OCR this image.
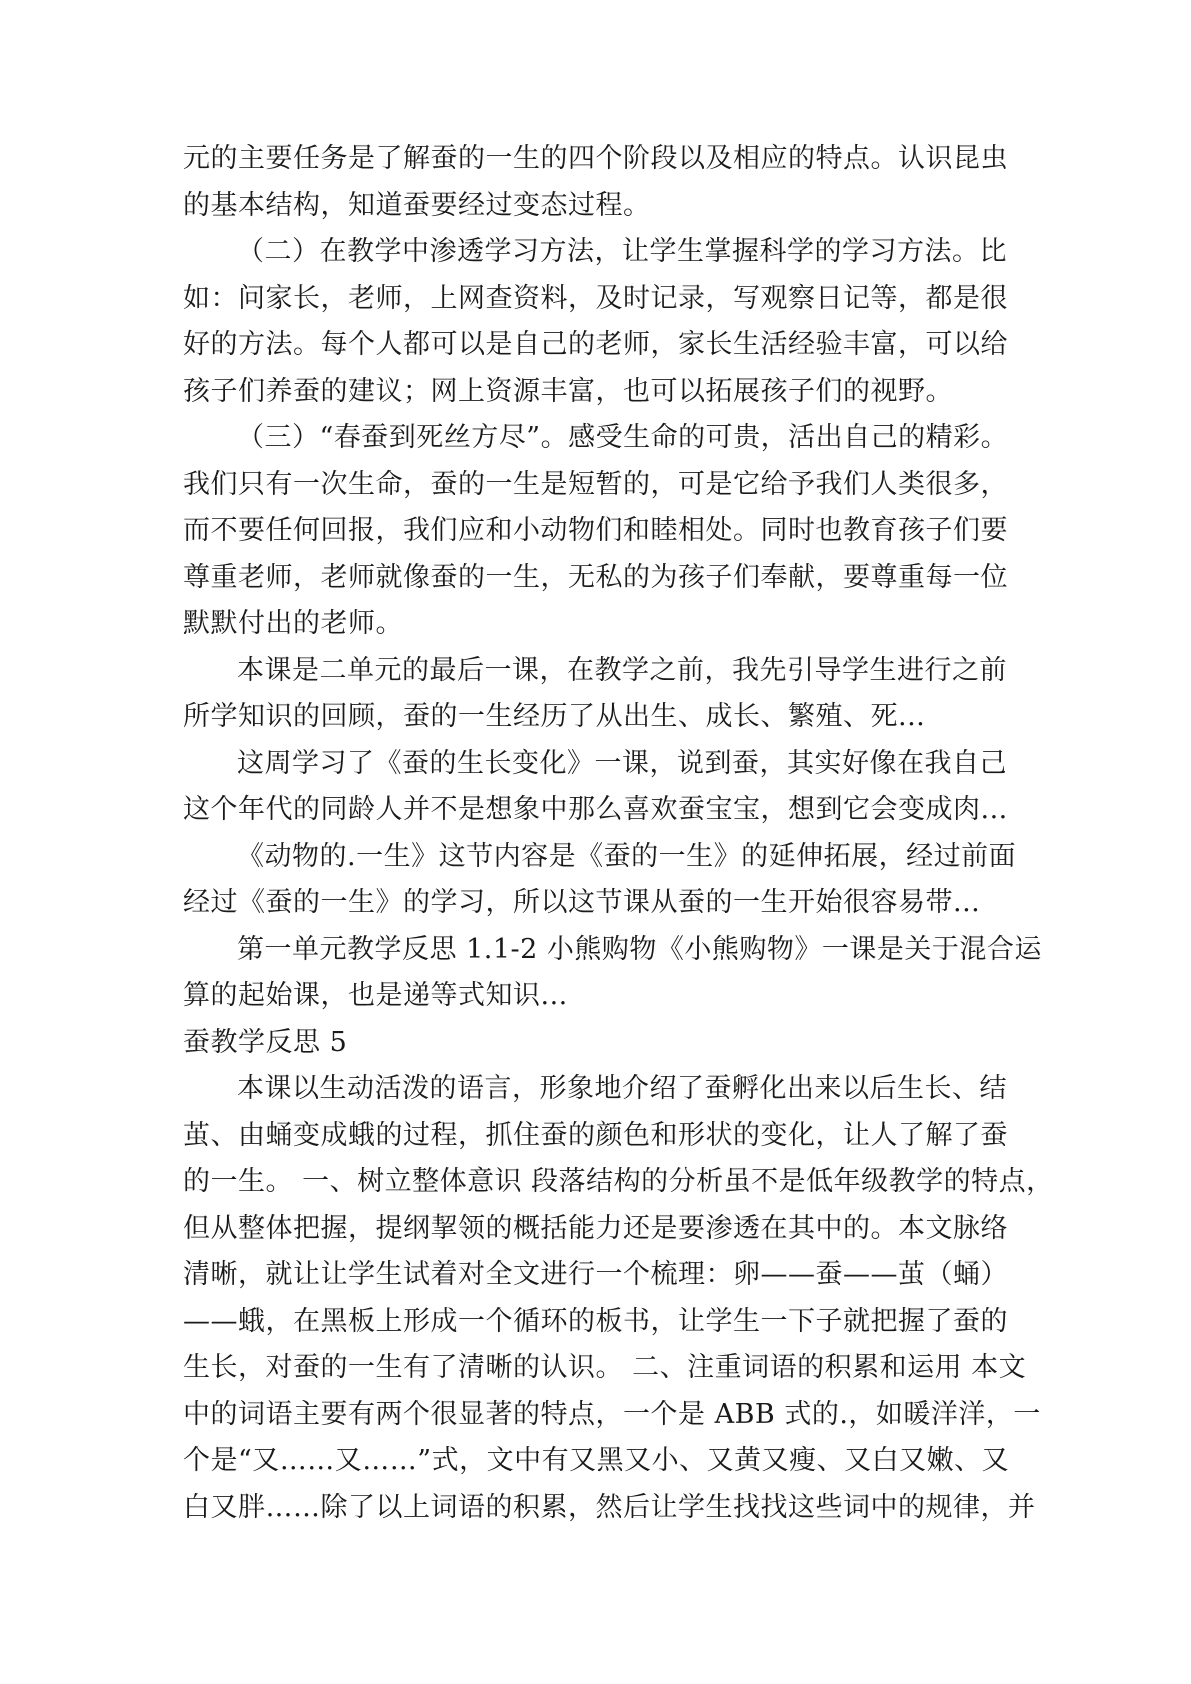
元的主要任务是了解蚕的一生的四个阶段以及相应的特点。认识昆虫
的基本结构，知道蚕要经过变态过程。
（二）在教学中渗透学习方法，让学生掌握科学的学习方法。比
如：问家长，老师，上网查资料，及时记录，写观察日记等，都是很
好的方法。每个人都可以是自己的老师，家长生活经验丰富，可以给
孩子们养蚕的建议；网上资源丰富，也可以拓展孩子们的视野。
（三）“春蚕到死丝方尽”。感受生命的可贵，活出自己的精彩。
我们只有一次生命，蚕的一生是短暂的，可是它给予我们人类很多，
而不要任何回报，我们应和小动物们和睦相处。同时也教育孩子们要
尊重老师，老师就像蚕的一生，无私的为孩子们奉献，要尊重每一位
默默付出的老师。
本课是二单元的最后一课，在教学之前，我先引导学生进行之前
所学知识的回顾，蚕的一生经历了从出生、成长、繁殖、死...
这周学习了《蚕的生长变化》一课，说到蚕，其实好像在我自己
这个年代的同龄人并不是想象中那么喜欢蚕宝宝，想到它会变成肉...
《动物的.一生》这节内容是《蚕的一生》的延伸拓展，经过前面
经过《蚕的一生》的学习，所以这节课从蚕的一生开始很容易带...
第一单元教学反思 1.1-2 小熊购物《小熊购物》一课是关于混合运
算的起始课，也是递等式知识...
蚕教学反思 5
本课以生动活泼的语言，形象地介绍了蚕孵化出来以后生长、结
茧、由蛹变成蛾的过程，抓住蚕的颜色和形状的变化，让人了解了蚕
的一生。 一、树立整体意识 段落结构的分析虽不是低年级教学的特点，
但从整体把握，提纲挈领的概括能力还是要渗透在其中的。本文脉络
清晰，就让让学生试着对全文进行一个梳理：卵——蚕——茧（蛹）
——蛾，在黑板上形成一个循环的板书，让学生一下子就把握了蚕的
生长，对蚕的一生有了清晰的认识。 二、注重词语的积累和运用 本文
中的词语主要有两个很显著的特点，一个是 ABB 式的.，如暖洋洋，一
个是“又……又……”式，文中有又黑又小、又黄又瘦、又白又嫩、又
白又胖……除了以上词语的积累，然后让学生找找这些词中的规律，并
